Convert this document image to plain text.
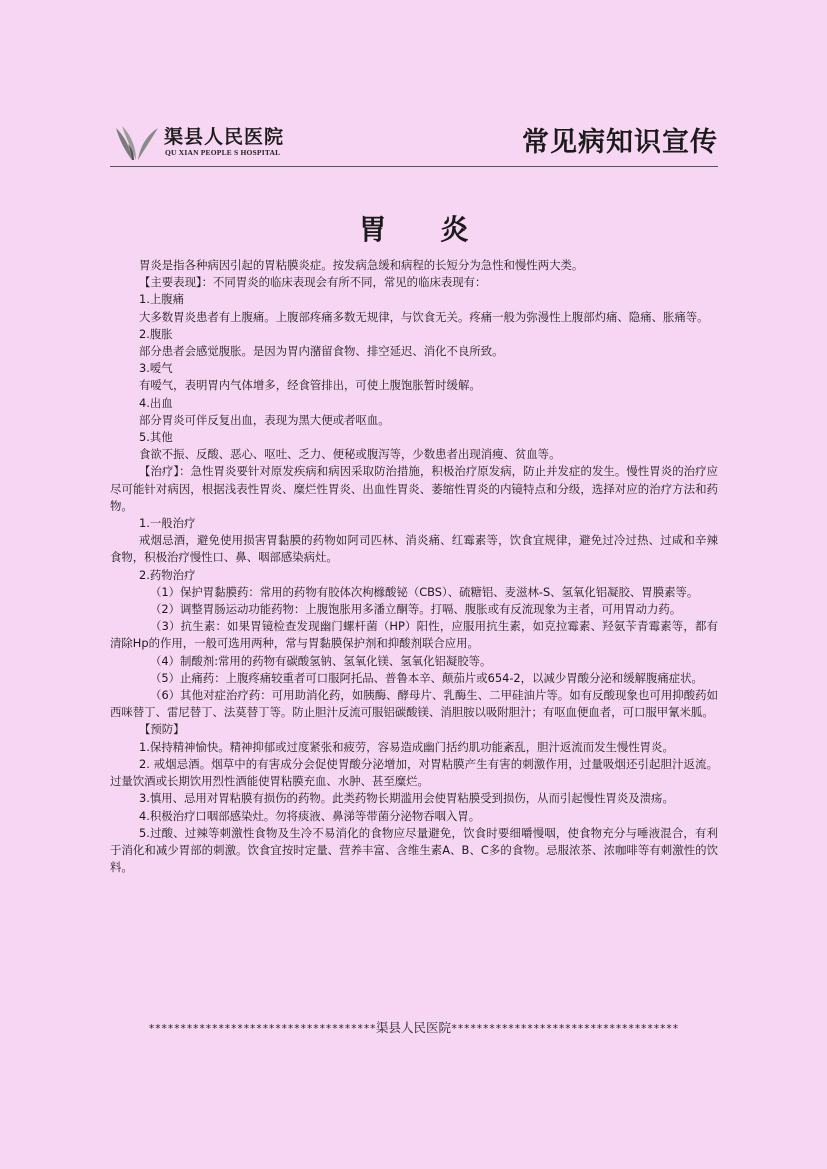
渠县人民医院
QU XIAN PEOPLE S HOSPITAL	常见病知识宣传
胃 炎

胃炎是指各种病因引起的胃粘膜炎症。按发病急缓和病程的长短分为急性和慢性两大类。

【主要表现】：不同胃炎的临床表现会有所不同，常见的临床表现有：

1.上腹痛

大多数胃炎患者有上腹痛。上腹部疼痛多数无规律，与饮食无关。疼痛一般为弥漫性上腹部灼痛、隐痛、胀痛等。

2.腹胀

部分患者会感觉腹胀。是因为胃内潴留食物、排空延迟、消化不良所致。

3.嗳气

有嗳气，表明胃内气体增多，经食管排出，可使上腹饱胀暂时缓解。

4.出血

部分胃炎可伴反复出血，表现为黑大便或者呕血。

5.其他

食欲不振、反酸、恶心、呕吐、乏力、便秘或腹泻等，少数患者出现消瘦、贫血等。

【治疗】：急性胃炎要针对原发疾病和病因采取防治措施，积极治疗原发病，防止并发症的发生。慢性胃炎的治疗应尽可能针对病因，根据浅表性胃炎、糜烂性胃炎、出血性胃炎、萎缩性胃炎的内镜特点和分级，选择对应的治疗方法和药物。

1.一般治疗

戒烟忌酒，避免使用损害胃黏膜的药物如阿司匹林、消炎痛、红霉素等，饮食宜规律，避免过冷过热、过咸和辛辣食物，积极治疗慢性口、鼻、咽部感染病灶。

2.药物治疗

（1）保护胃黏膜药：常用的药物有胶体次枸橼酸铋（CBS）、硫糖铝、麦滋林-S、氢氧化铝凝胶、胃膜素等。

（2）调整胃肠运动功能药物：上腹饱胀用多潘立酮等。打嗝、腹胀或有反流现象为主者，可用胃动力药。

（3）抗生素：如果胃镜检查发现幽门螺杆菌（HP）阳性，应服用抗生素，如克拉霉素、羟氨苄青霉素等，都有清除Hp的作用，一般可选用两种，常与胃黏膜保护剂和抑酸剂联合应用。

（4）制酸剂:常用的药物有碳酸氢钠、氢氧化镁、氢氧化铝凝胶等。

（5）止痛药：上腹疼痛较重者可口服阿托品、普鲁本辛、颠茄片或654-2，以减少胃酸分泌和缓解腹痛症状。

（6）其他对症治疗药：可用助消化药，如胰酶、酵母片、乳酶生、二甲硅油片等。如有反酸现象也可用抑酸药如西咪替丁、雷尼替丁、法莫替丁等。防止胆汁反流可服铝碳酸镁、消胆胺以吸附胆汁；有呕血便血者，可口服甲氰米胍。

【预防】

1.保持精神愉快。精神抑郁或过度紧张和疲劳，容易造成幽门括约肌功能紊乱，胆汁返流而发生慢性胃炎。

2. 戒烟忌酒。烟草中的有害成分会促使胃酸分泌增加，对胃粘膜产生有害的刺激作用，过量吸烟还引起胆汁返流。过量饮酒或长期饮用烈性酒能使胃粘膜充血、水肿、甚至糜烂。

3.慎用、忌用对胃粘膜有损伤的药物。此类药物长期滥用会使胃粘膜受到损伤，从而引起慢性胃炎及溃疡。

4.积极治疗口咽部感染灶。勿将痰液、鼻涕等带菌分泌物吞咽入胃。

5.过酸、过辣等刺激性食物及生冷不易消化的食物应尽量避免，饮食时要细嚼慢咽，使食物充分与唾液混合，有利于消化和减少胃部的刺激。饮食宜按时定量、营养丰富、含维生素A、B、C多的食物。忌服浓茶、浓咖啡等有刺激性的饮料。

************************************渠县人民医院************************************
